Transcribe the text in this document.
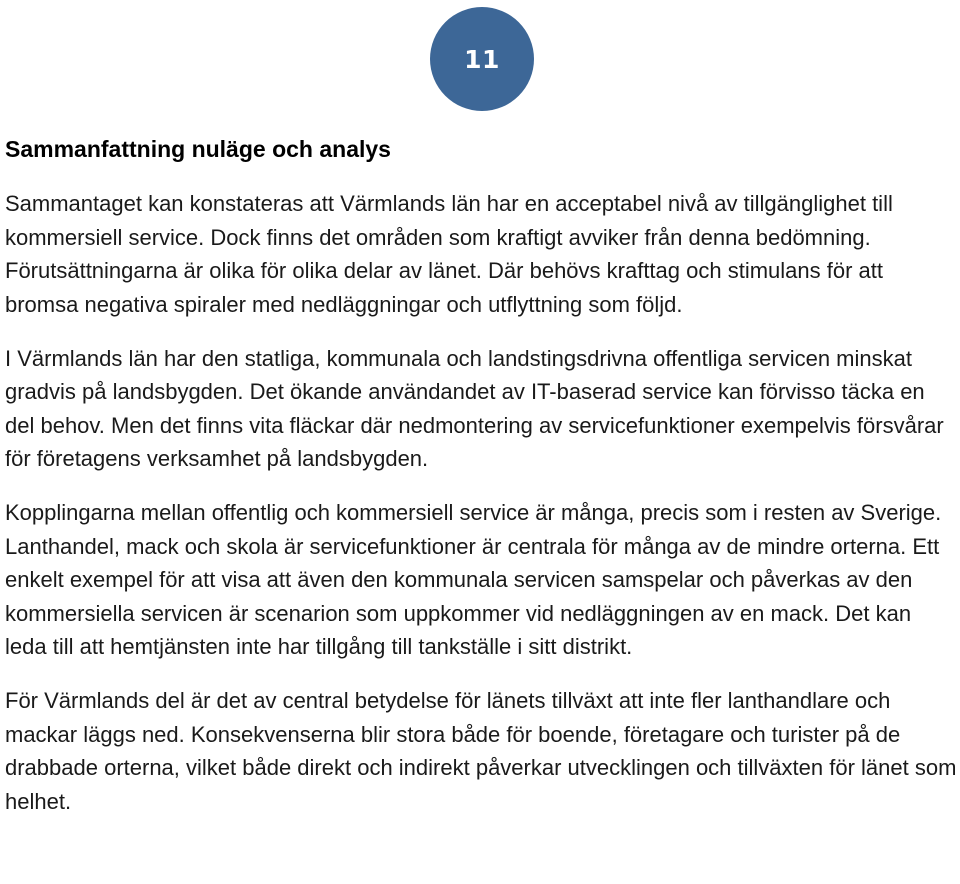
11
Sammanfattning nuläge och analys

Sammantaget kan konstateras att Värmlands län har en acceptabel nivå av tillgänglighet till kommersiell service. Dock finns det områden som kraftigt avviker från denna bedömning. Förutsättningarna är olika för olika delar av länet. Där behövs krafttag och stimulans för att bromsa negativa spiraler med nedläggningar och utflyttning som följd.

I Värmlands län har den statliga, kommunala och landstingsdrivna offentliga servicen minskat gradvis på landsbygden. Det ökande användandet av IT-baserad service kan förvisso täcka en del behov. Men det finns vita fläckar där nedmontering av servicefunktioner exempelvis försvårar för företagens verksamhet på landsbygden.

Kopplingarna mellan offentlig och kommersiell service är många, precis som i resten av Sverige. Lanthandel, mack och skola är servicefunktioner är centrala för många av de mindre orterna. Ett enkelt exempel för att visa att även den kommunala servicen samspelar och påverkas av den kommersiella servicen är scenarion som uppkommer vid nedläggningen av en mack. Det kan leda till att hemtjänsten inte har tillgång till tankställe i sitt distrikt.

För Värmlands del är det av central betydelse för länets tillväxt att inte fler lanthandlare och mackar läggs ned. Konsekvenserna blir stora både för boende, företagare och turister på de drabbade orterna, vilket både direkt och indirekt påverkar utvecklingen och tillväxten för länet som helhet.
